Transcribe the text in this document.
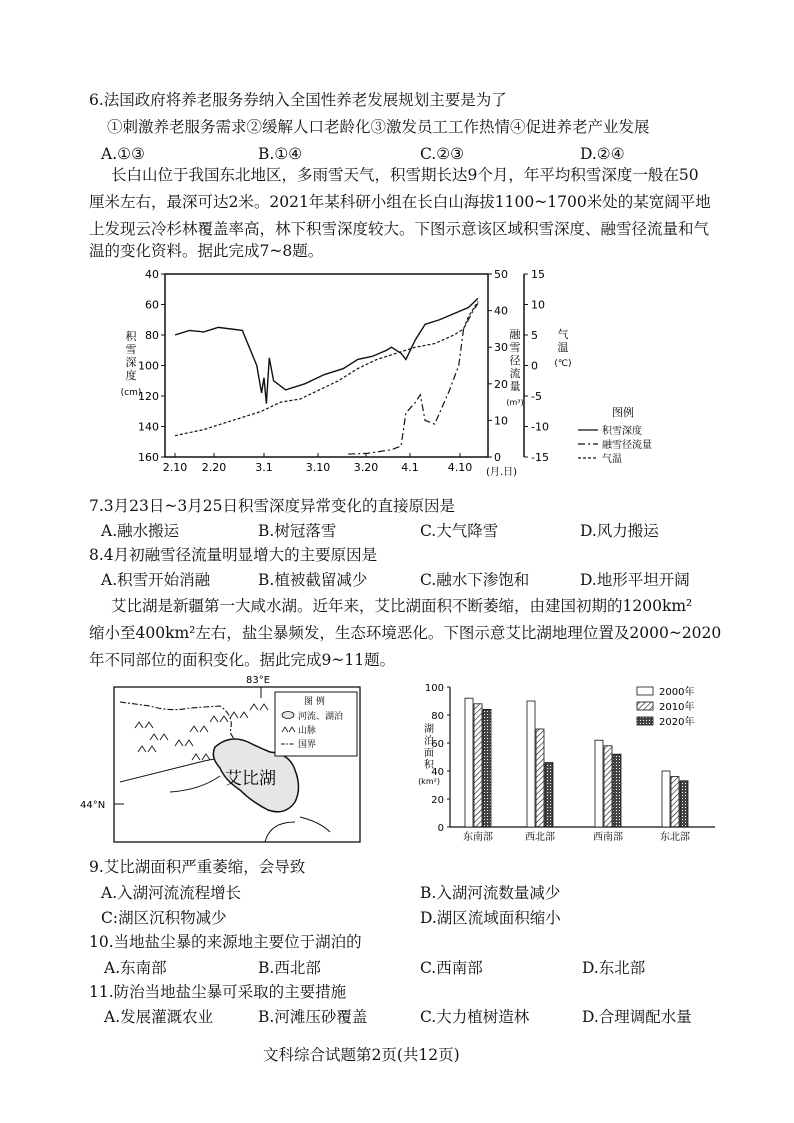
6.法国政府将养老服务券纳入全国性养老发展规划主要是为了
①刺激养老服务需求②缓解人口老龄化③激发员工工作热情④促进养老产业发展
A.①③	B.①④	C.②③	D.②④
长白山位于我国东北地区，多雨雪天气，积雪期长达9个月，年平均积雪深度一般在50
厘米左右，最深可达2米。2021年某科研小组在长白山海拔1100~1700米处的某宽阔平地
上发现云冷杉林覆盖率高，林下积雪深度较大。下图示意该区域积雪深度、融雪径流量和气
温的变化资料。据此完成7~8题。
积
雪
深
度
(cm)
融
雪
径
流
量
(m³)
气
温
(℃)
(月.日)
图例
积雪深度
融雪径流量
气温
40
60
80
100
120
140
160
50
40
30
20
10
0
15
10
5
0
-5
-10
-15
2.10 2.20	3.1	3.10 3.20 4.1	4.10
7.3月23日~3月25日积雪深度异常变化的直接原因是
A.融水搬运	B.树冠落雪	C.大气降雪	D.风力搬运
8.4月初融雪径流量明显增大的主要原因是
A.积雪开始消融	B.植被截留减少	C.融水下渗饱和	D.地形平坦开阔
艾比湖是新疆第一大咸水湖。近年来，艾比湖面积不断萎缩，由建国初期的1200km²
缩小至400km²左右，盐尘暴频发，生态环境恶化。下图示意艾比湖地理位置及2000~2020
年不同部位的面积变化。据此完成9~11题。
83°E
44°N
艾比湖
图 例
河流、湖泊
山脉
国界
湖
泊
面
积
(km²)
2000年
2010年
2020年
100
80
60
40
20
0
东南部	西北部	西南部	东北部
9.艾比湖面积严重萎缩，会导致
A.入湖河流流程增长	B.入湖河流数量减少
C:湖区沉积物减少	D.湖区流域面积缩小
10.当地盐尘暴的来源地主要位于湖泊的
A.东南部	B.西北部	C.西南部	D.东北部
11.防治当地盐尘暴可采取的主要措施
A.发展灌溉农业	B.河滩压砂覆盖	C.大力植树造林	D.合理调配水量
文科综合试题第2页(共12页)
